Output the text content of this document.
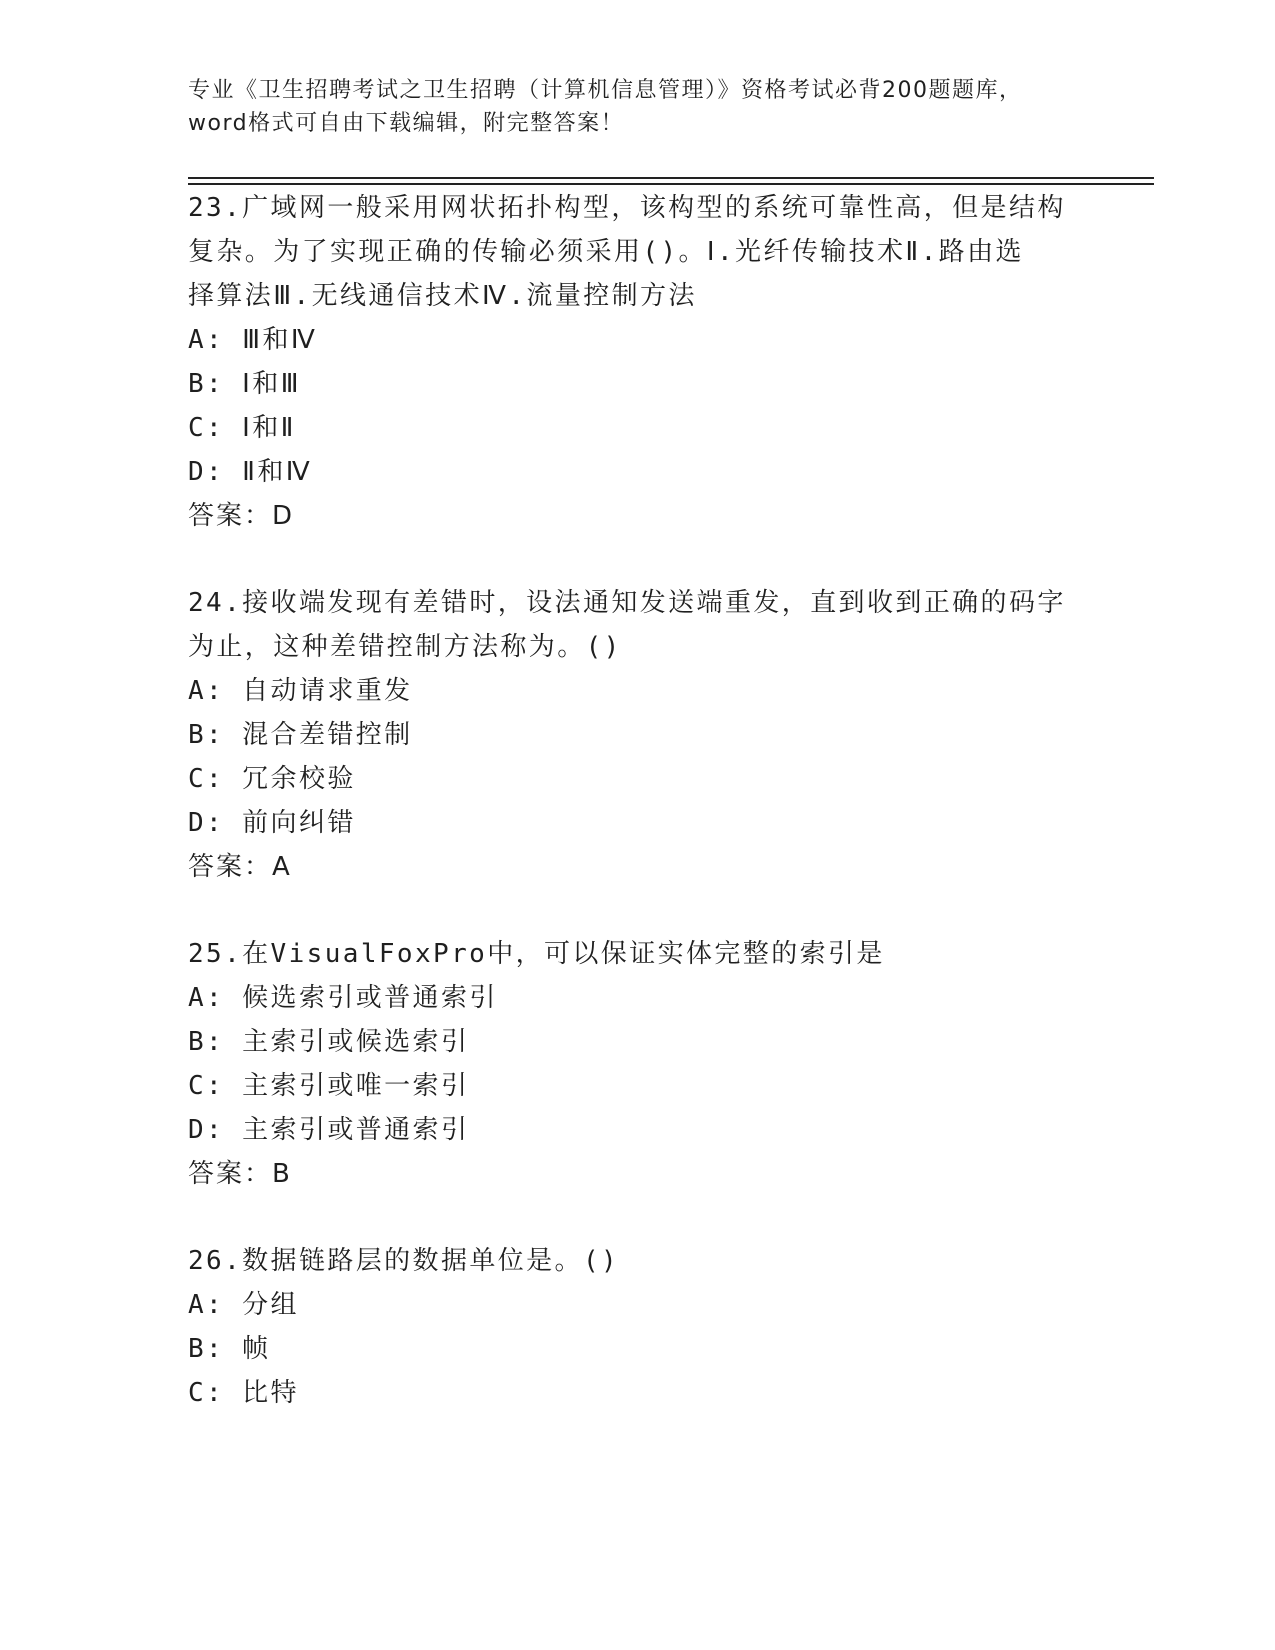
专业《卫生招聘考试之卫生招聘（计算机信息管理）》资格考试必背200题题库，
word格式可自由下载编辑，附完整答案！
23.广域网一般采用网状拓扑构型，该构型的系统可靠性高，但是结构
复杂。为了实现正确的传输必须采用()。Ⅰ.光纤传输技术Ⅱ.路由选
择算法Ⅲ.无线通信技术Ⅳ.流量控制方法
A: Ⅲ和Ⅳ
B: Ⅰ和Ⅲ
C: Ⅰ和Ⅱ
D: Ⅱ和Ⅳ
答案：D
24.接收端发现有差错时，设法通知发送端重发，直到收到正确的码字
为止，这种差错控制方法称为。()
A: 自动请求重发
B: 混合差错控制
C: 冗余校验
D: 前向纠错
答案：A
25.在VisualFoxPro中，可以保证实体完整的索引是
A: 候选索引或普通索引
B: 主索引或候选索引
C: 主索引或唯一索引
D: 主索引或普通索引
答案：B
26.数据链路层的数据单位是。()
A: 分组
B: 帧
C: 比特
